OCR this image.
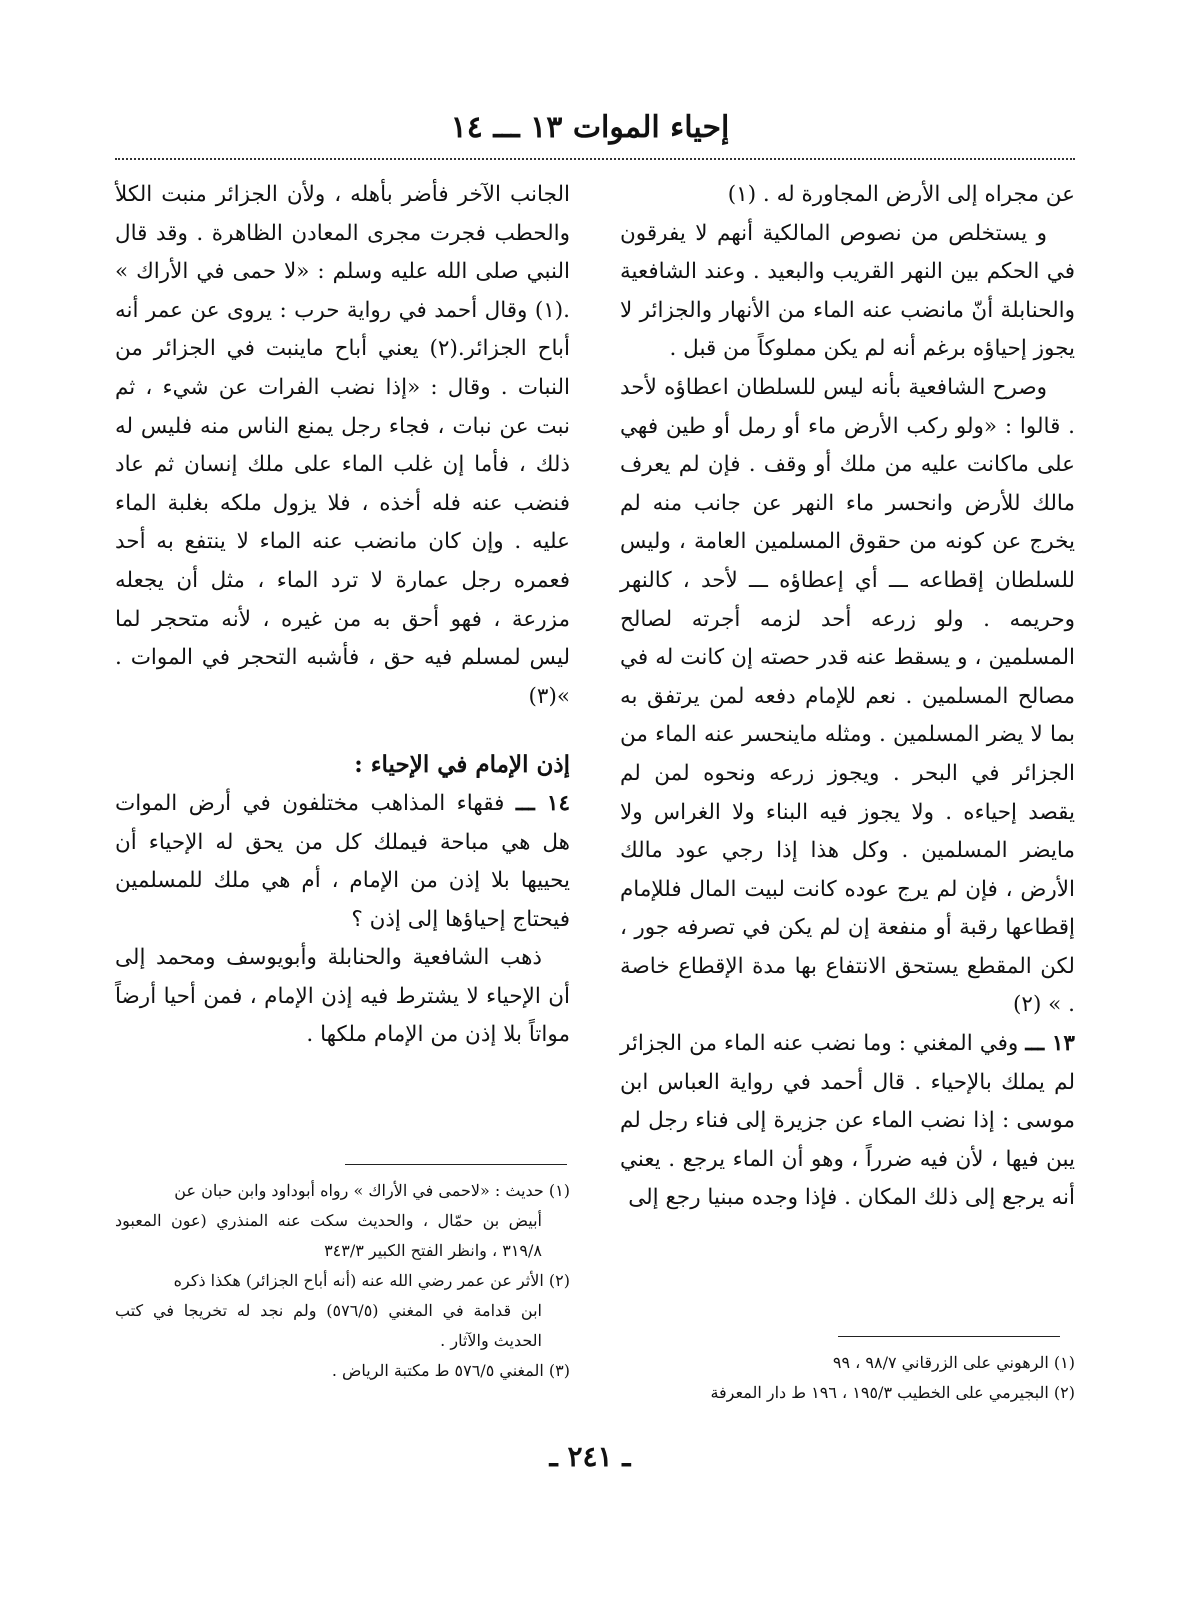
إحياء الموات ١٣ ـــ ١٤

عن مجراه إلى الأرض المجاورة له . (١)

و يستخلص من نصوص المالكية أنهم لا يفرقون في الحكم بين النهر القريب والبعيد . وعند الشافعية والحنابلة أنّ مانضب عنه الماء من الأنهار والجزائر لا يجوز إحياؤه برغم أنه لم يكن مملوكاً من قبل .

وصرح الشافعية بأنه ليس للسلطان اعطاؤه لأحد . قالوا : «ولو ركب الأرض ماء أو رمل أو طين فهي على ماكانت عليه من ملك أو وقف . فإن لم يعرف مالك للأرض وانحسر ماء النهر عن جانب منه لم يخرج عن كونه من حقوق المسلمين العامة ، وليس للسلطان إقطاعه ـــ أي إعطاؤه ـــ لأحد ، كالنهر وحريمه . ولو زرعه أحد لزمه أجرته لصالح المسلمين ، و يسقط عنه قدر حصته إن كانت له في مصالح المسلمين . نعم للإمام دفعه لمن يرتفق به بما لا يضر المسلمين . ومثله ماينحسر عنه الماء من الجزائر في البحر . ويجوز زرعه ونحوه لمن لم يقصد إحياءه . ولا يجوز فيه البناء ولا الغراس ولا مايضر المسلمين . وكل هذا إذا رجي عود مالك الأرض ، فإن لم يرج عوده كانت لبيت المال فللإمام إقطاعها رقبة أو منفعة إن لم يكن في تصرفه جور ، لكن المقطع يستحق الانتفاع بها مدة الإقطاع خاصة . » (٢)

١٣ ـــ وفي المغني : وما نضب عنه الماء من الجزائر لم يملك بالإحياء . قال أحمد في رواية العباس ابن موسى : إذا نضب الماء عن جزيرة إلى فناء رجل لم يبن فيها ، لأن فيه ضرراً ، وهو أن الماء يرجع . يعني أنه يرجع إلى ذلك المكان . فإذا وجده مبنيا رجع إلى

(١) الرهوني على الزرقاني ٩٨/٧ ، ٩٩

(٢) البجيرمي على الخطيب ١٩٥/٣ ، ١٩٦ ط دار المعرفة

الجانب الآخر فأضر بأهله ، ولأن الجزائر منبت الكلأ والحطب فجرت مجرى المعادن الظاهرة . وقد قال النبي صلى الله عليه وسلم : «لا حمى في الأراك » .(١) وقال أحمد في رواية حرب : يروى عن عمر أنه أباح الجزائر.(٢) يعني أباح ماينبت في الجزائر من النبات . وقال : «إذا نضب الفرات عن شيء ، ثم نبت عن نبات ، فجاء رجل يمنع الناس منه فليس له ذلك ، فأما إن غلب الماء على ملك إنسان ثم عاد فنضب عنه فله أخذه ، فلا يزول ملكه بغلبة الماء عليه . وإن كان مانضب عنه الماء لا ينتفع به أحد فعمره رجل عمارة لا ترد الماء ، مثل أن يجعله مزرعة ، فهو أحق به من غيره ، لأنه متحجر لما ليس لمسلم فيه حق ، فأشبه التحجر في الموات . »(٣)

إذن الإمام في الإحياء :

١٤ ـــ فقهاء المذاهب مختلفون في أرض الموات هل هي مباحة فيملك كل من يحق له الإحياء أن يحييها بلا إذن من الإمام ، أم هي ملك للمسلمين فيحتاج إحياؤها إلى إذن ؟

ذهب الشافعية والحنابلة وأبويوسف ومحمد إلى أن الإحياء لا يشترط فيه إذن الإمام ، فمن أحيا أرضاً مواتاً بلا إذن من الإمام ملكها .

(١) حديث : «لاحمى في الأراك » رواه أبوداود وابن حبان عن

أبيض بن حمّال ، والحديث سكت عنه المنذري (عون المعبود ٣١٩/٨ ، وانظر الفتح الكبير ٣٤٣/٣

(٢) الأثر عن عمر رضي الله عنه (أنه أباح الجزائر) هكذا ذكره

ابن قدامة في المغني (٥٧٦/٥) ولم نجد له تخريجا في كتب الحديث والآثار .

(٣) المغني ٥٧٦/٥ ط مكتبة الرياض .

ـ ٢٤١ ـ
